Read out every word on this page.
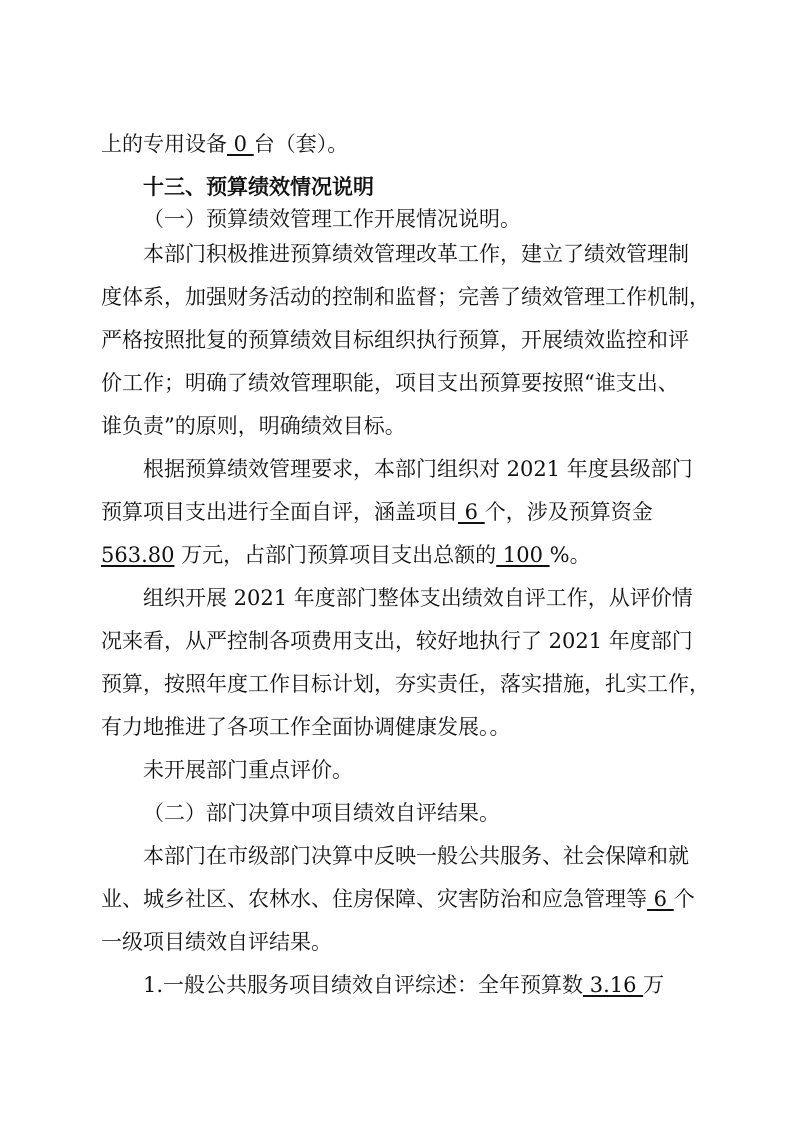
上的专用设备 0 台（套）。
十三、预算绩效情况说明
（一）预算绩效管理工作开展情况说明。
本部门积极推进预算绩效管理改革工作，建立了绩效管理制
度体系，加强财务活动的控制和监督；完善了绩效管理工作机制，
严格按照批复的预算绩效目标组织执行预算，开展绩效监控和评
价工作；明确了绩效管理职能，项目支出预算要按照“谁支出、
谁负责”的原则，明确绩效目标。
根据预算绩效管理要求，本部门组织对 2021 年度县级部门
预算项目支出进行全面自评，涵盖项目 6 个，涉及预算资金
563.80 万元，占部门预算项目支出总额的 100 %。
组织开展 2021 年度部门整体支出绩效自评工作，从评价情
况来看，从严控制各项费用支出，较好地执行了 2021 年度部门
预算，按照年度工作目标计划，夯实责任，落实措施，扎实工作，
有力地推进了各项工作全面协调健康发展。。
未开展部门重点评价。
（二）部门决算中项目绩效自评结果。
本部门在市级部门决算中反映一般公共服务、社会保障和就
业、城乡社区、农林水、住房保障、灾害防治和应急管理等 6 个
一级项目绩效自评结果。
1.一般公共服务项目绩效自评综述：全年预算数 3.16 万
